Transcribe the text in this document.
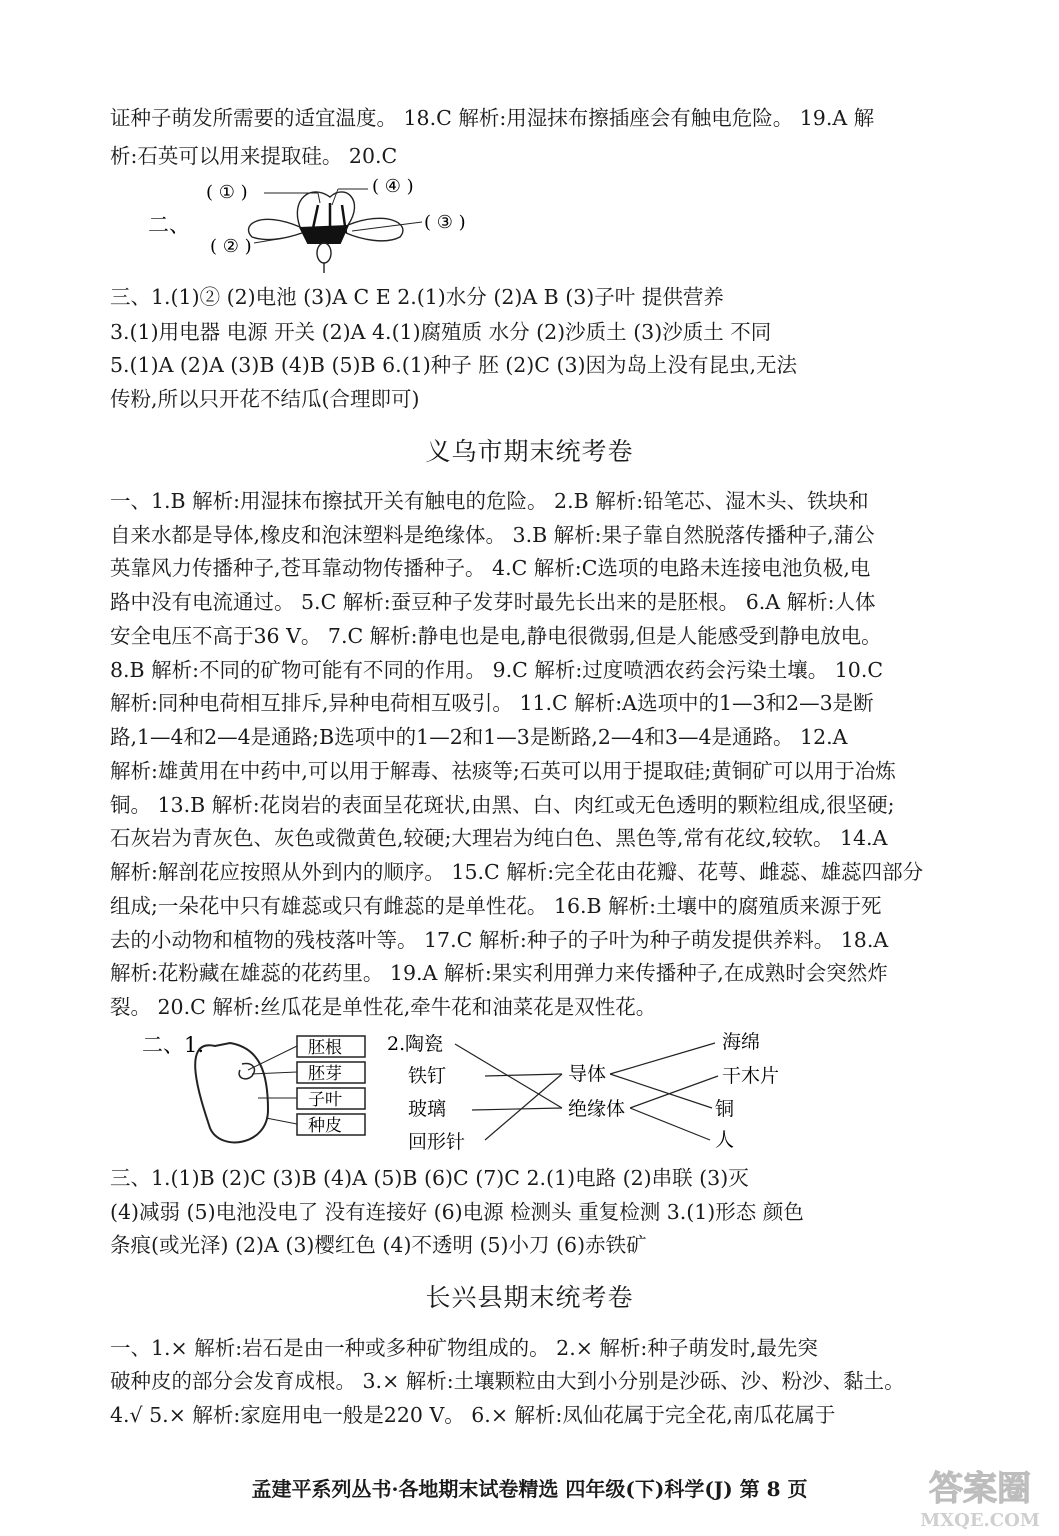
证种子萌发所需要的适宜温度。 18.C 解析:用湿抹布擦插座会有触电危险。 19.A 解
析:石英可以用来提取硅。 20.C
二、
( ① )
( ② )
( ③ )
( ④ )
三、1.(1)② (2)电池 (3)A C E 2.(1)水分 (2)A B (3)子叶 提供营养
3.(1)用电器 电源 开关 (2)A 4.(1)腐殖质 水分 (2)沙质土 (3)沙质土 不同
5.(1)A (2)A (3)B (4)B (5)B 6.(1)种子 胚 (2)C (3)因为岛上没有昆虫,无法
传粉,所以只开花不结瓜(合理即可)
义乌市期末统考卷
一、1.B 解析:用湿抹布擦拭开关有触电的危险。 2.B 解析:铅笔芯、湿木头、铁块和
自来水都是导体,橡皮和泡沫塑料是绝缘体。 3.B 解析:果子靠自然脱落传播种子,蒲公
英靠风力传播种子,苍耳靠动物传播种子。 4.C 解析:C选项的电路未连接电池负极,电
路中没有电流通过。 5.C 解析:蚕豆种子发芽时最先长出来的是胚根。 6.A 解析:人体
安全电压不高于36 V。 7.C 解析:静电也是电,静电很微弱,但是人能感受到静电放电。
8.B 解析:不同的矿物可能有不同的作用。 9.C 解析:过度喷洒农药会污染土壤。 10.C
解析:同种电荷相互排斥,异种电荷相互吸引。 11.C 解析:A选项中的1—3和2—3是断
路,1—4和2—4是通路;B选项中的1—2和1—3是断路,2—4和3—4是通路。 12.A
解析:雄黄用在中药中,可以用于解毒、祛痰等;石英可以用于提取硅;黄铜矿可以用于冶炼
铜。 13.B 解析:花岗岩的表面呈花斑状,由黑、白、肉红或无色透明的颗粒组成,很坚硬;
石灰岩为青灰色、灰色或微黄色,较硬;大理岩为纯白色、黑色等,常有花纹,较软。 14.A
解析:解剖花应按照从外到内的顺序。 15.C 解析:完全花由花瓣、花萼、雌蕊、雄蕊四部分
组成;一朵花中只有雄蕊或只有雌蕊的是单性花。 16.B 解析:土壤中的腐殖质来源于死
去的小动物和植物的残枝落叶等。 17.C 解析:种子的子叶为种子萌发提供养料。 18.A
解析:花粉藏在雄蕊的花药里。 19.A 解析:果实利用弹力来传播种子,在成熟时会突然炸
裂。 20.C 解析:丝瓜花是单性花,牵牛花和油菜花是双性花。
二、1.	胚根
胚芽
子叶
种皮
2. 陶瓷
铁钉
玻璃
回形针
导体
绝缘体
海绵
干木片
铜
人
三、1.(1)B (2)C (3)B (4)A (5)B (6)C (7)C 2.(1)电路 (2)串联 (3)灭
(4)减弱 (5)电池没电了 没有连接好 (6)电源 检测头 重复检测 3.(1)形态 颜色
条痕(或光泽) (2)A (3)樱红色 (4)不透明 (5)小刀 (6)赤铁矿
长兴县期末统考卷
一、1.× 解析:岩石是由一种或多种矿物组成的。 2.× 解析:种子萌发时,最先突
破种皮的部分会发育成根。 3.× 解析:土壤颗粒由大到小分别是沙砾、沙、粉沙、黏土。
4.√ 5.× 解析:家庭用电一般是220 V。 6.× 解析:凤仙花属于完全花,南瓜花属于
孟建平系列丛书·各地期末试卷精选 四年级(下)科学(J) 第 8 页	答案圈
MXQE.COM
